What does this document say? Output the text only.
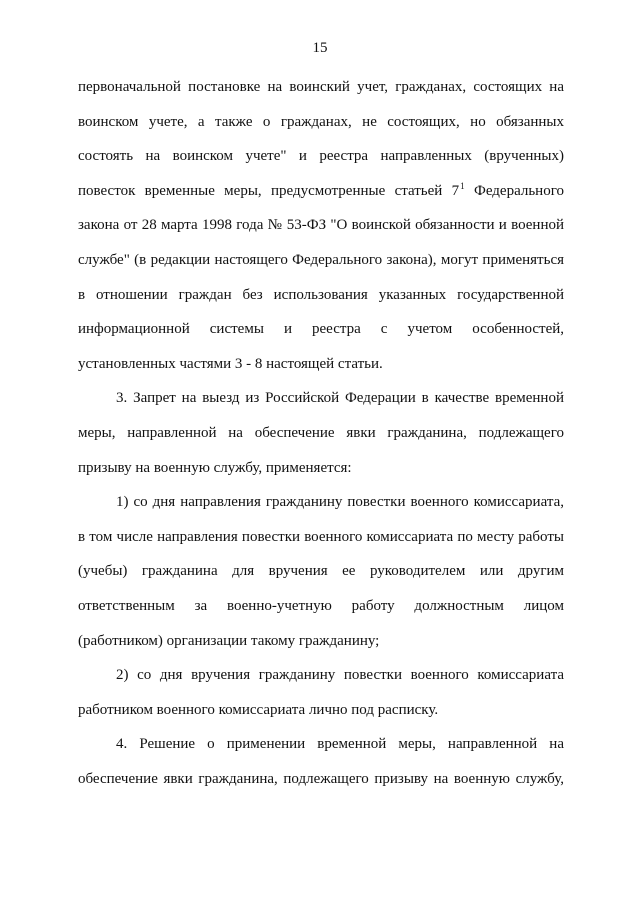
15
первоначальной постановке на воинский учет, гражданах, состоящих на
воинском учете, а также о гражданах, не состоящих, но обязанных
состоять на воинском учете" и реестра направленных (врученных)
повесток временные меры, предусмотренные статьей 7$^1$ Федерального
закона от 28 марта 1998 года № 53-ФЗ "О воинской обязанности и военной
службе" (в редакции настоящего Федерального закона), могут применяться
в отношении граждан без использования указанных государственной
информационной системы и реестра с учетом особенностей,
установленных частями 3 - 8 настоящей статьи.
3. Запрет на выезд из Российской Федерации в качестве временной
меры, направленной на обеспечение явки гражданина, подлежащего
призыву на военную службу, применяется:
1) со дня направления гражданину повестки военного комиссариата,
в том числе направления повестки военного комиссариата по месту работы
(учебы) гражданина для вручения ее руководителем или другим
ответственным за военно-учетную работу должностным лицом
(работником) организации такому гражданину;
2) со дня вручения гражданину повестки военного комиссариата
работником военного комиссариата лично под расписку.
4. Решение о применении временной меры, направленной на
обеспечение явки гражданина, подлежащего призыву на военную службу,
